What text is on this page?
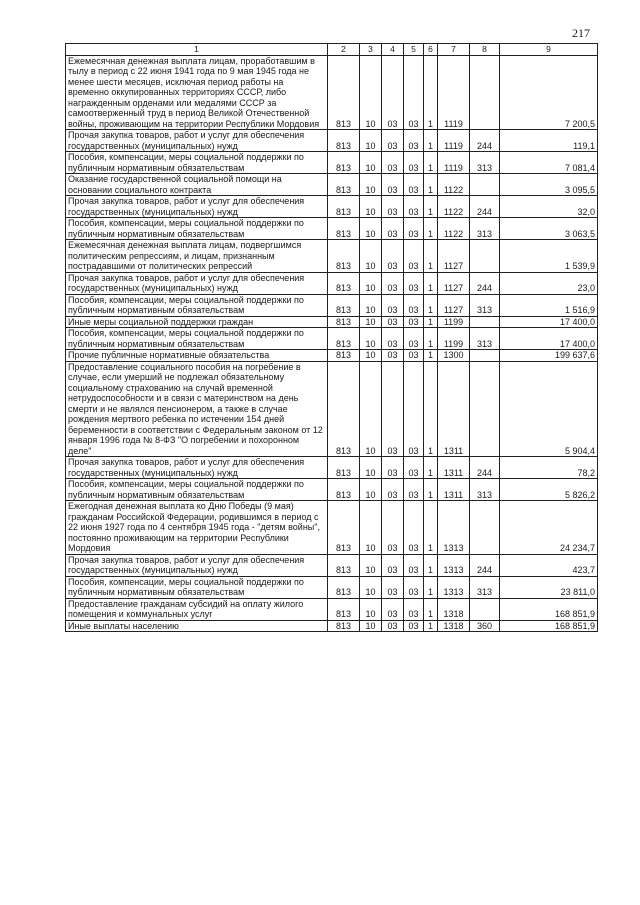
217
1	2	3	4	5	6	7	8	9
Ежемесячная денежная выплата лицам, проработавшим в тылу в период с 22 июня 1941 года по 9 мая 1945 года не менее шести месяцев, исключая период работы на временно оккупированных территориях СССР, либо награжденным орденами или медалями СССР за самоотверженный труд в период Великой Отечественной войны, проживающим на территории Республики Мордовия	813	10	03	03	1	1119		7 200,5
Прочая закупка товаров, работ и услуг для обеспечения государственных (муниципальных) нужд	813	10	03	03	1	1119	244	119,1
Пособия, компенсации, меры социальной поддержки по публичным нормативным обязательствам	813	10	03	03	1	1119	313	7 081,4
Оказание государственной социальной помощи на основании социального контракта	813	10	03	03	1	1122		3 095,5
Прочая закупка товаров, работ и услуг для обеспечения государственных (муниципальных) нужд	813	10	03	03	1	1122	244	32,0
Пособия, компенсации, меры социальной поддержки по публичным нормативным обязательствам	813	10	03	03	1	1122	313	3 063,5
Ежемесячная денежная выплата лицам, подвергшимся политическим репрессиям, и лицам, признанным пострадавшими от политических репрессий	813	10	03	03	1	1127		1 539,9
Прочая закупка товаров, работ и услуг для обеспечения государственных (муниципальных) нужд	813	10	03	03	1	1127	244	23,0
Пособия, компенсации, меры социальной поддержки по публичным нормативным обязательствам	813	10	03	03	1	1127	313	1 516,9
Иные меры социальной поддержки граждан	813	10	03	03	1	1199		17 400,0
Пособия, компенсации, меры социальной поддержки по публичным нормативным обязательствам	813	10	03	03	1	1199	313	17 400,0
Прочие публичные нормативные обязательства	813	10	03	03	1	1300		199 637,6
Предоставление социального пособия на погребение в случае, если умерший не подлежал обязательному социальному страхованию на случай временной нетрудоспособности и в связи с материнством на день смерти и не являлся пенсионером, а также в случае рождения мертвого ребенка по истечении 154 дней беременности в соответствии с Федеральным законом от 12 января 1996 года № 8-ФЗ "О погребении и похоронном деле"	813	10	03	03	1	1311		5 904,4
Прочая закупка товаров, работ и услуг для обеспечения государственных (муниципальных) нужд	813	10	03	03	1	1311	244	78,2
Пособия, компенсации, меры социальной поддержки по публичным нормативным обязательствам	813	10	03	03	1	1311	313	5 826,2
Ежегодная денежная выплата ко Дню Победы (9 мая) гражданам Российской Федерации, родившимся в период с 22 июня 1927 года по 4 сентября 1945 года - "детям войны", постоянно проживающим на территории Республики Мордовия	813	10	03	03	1	1313		24 234,7
Прочая закупка товаров, работ и услуг для обеспечения государственных (муниципальных) нужд	813	10	03	03	1	1313	244	423,7
Пособия, компенсации, меры социальной поддержки по публичным нормативным обязательствам	813	10	03	03	1	1313	313	23 811,0
Предоставление гражданам субсидий на оплату жилого помещения и коммунальных услуг	813	10	03	03	1	1318		168 851,9
Иные выплаты населению	813	10	03	03	1	1318	360	168 851,9
